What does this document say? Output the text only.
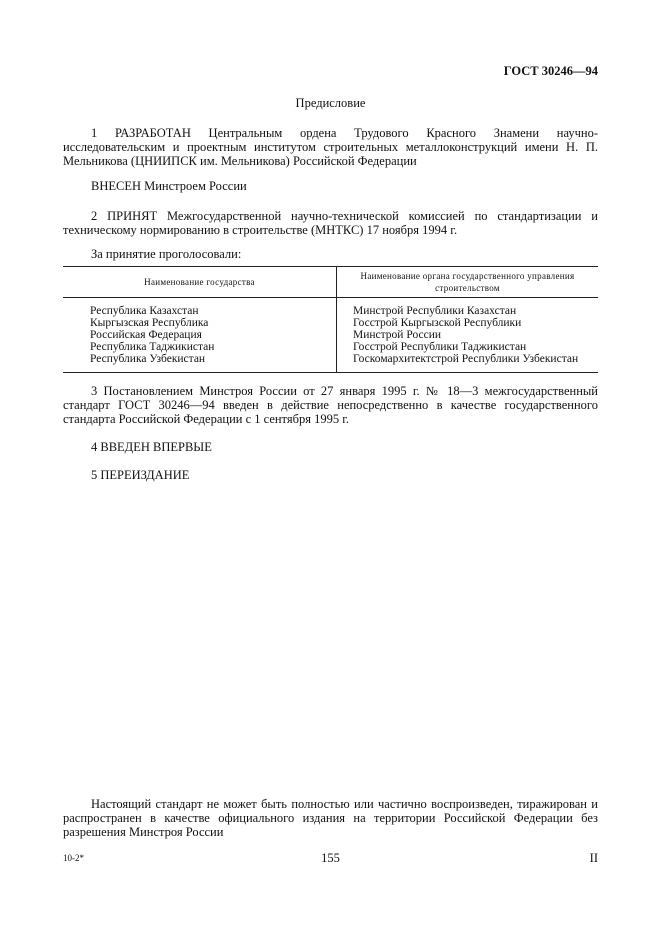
ГОСТ 30246—94
Предисловие
1 РАЗРАБОТАН Центральным ордена Трудового Красного Знамени научно-исследовательским и проектным институтом строительных металлоконструкций имени Н. П. Мельникова (ЦНИИПСК им. Мельникова) Российской Федерации
ВНЕСЕН Минстроем России
2 ПРИНЯТ Межгосударственной научно-технической комиссией по стандартизации и техническому нормированию в строительстве (МНТКС) 17 ноября 1994 г.
За принятие проголосовали:
Наименование государства	Наименование органа государственного управления строительством
Республика Казахстан	Минстрой Республики Казахстан
Кыргызская Республика	Госстрой Кыргызской Республики
Российская Федерация	Минстрой России
Республика Таджикистан	Госстрой Республики Таджикистан
Республика Узбекистан	Госкомархитектстрой Республики Узбекистан
3 Постановлением Минстроя России от 27 января 1995 г. № 18—3 межгосударственный стандарт ГОСТ 30246—94 введен в действие непосредственно в качестве государственного стандарта Российской Федерации с 1 сентября 1995 г.
4 ВВЕДЕН ВПЕРВЫЕ
5 ПЕРЕИЗДАНИЕ
Настоящий стандарт не может быть полностью или частично воспроизведен, тиражирован и распространен в качестве официального издания на территории Российской Федерации без разрешения Минстроя России
10-2*	155	II
